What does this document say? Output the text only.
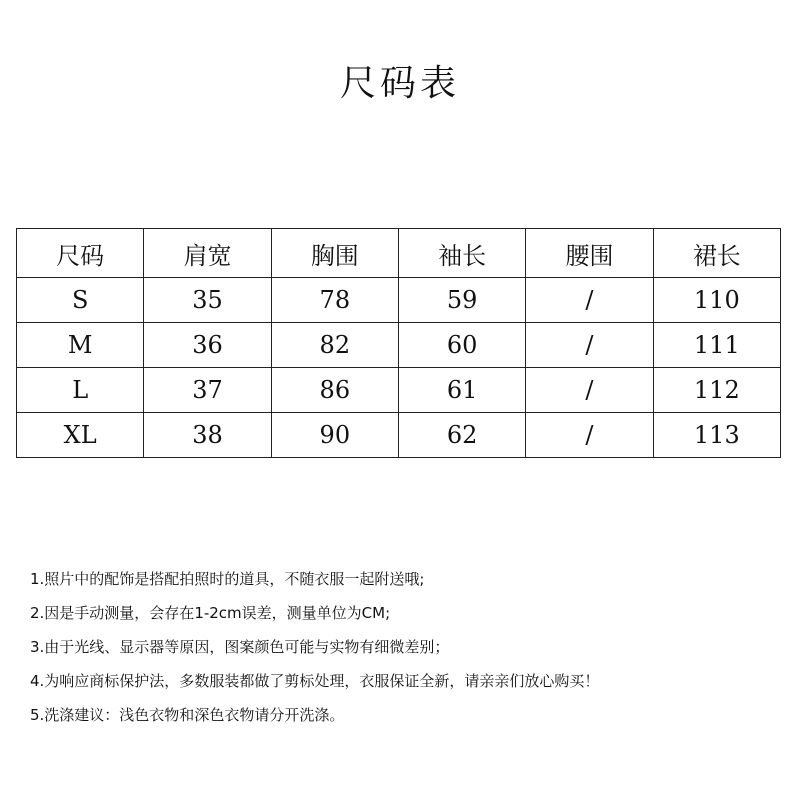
尺码表
尺码	肩宽	胸围	袖长	腰围	裙长
S	35	78	59	/	110
M	36	82	60	/	111
L	37	86	61	/	112
XL	38	90	62	/	113
1.照片中的配饰是搭配拍照时的道具，不随衣服一起附送哦;
2.因是手动测量，会存在1-2cm误差，测量单位为CM;
3.由于光线、显示器等原因，图案颜色可能与实物有细微差别；
4.为响应商标保护法，多数服装都做了剪标处理，衣服保证全新，请亲亲们放心购买！
5.洗涤建议：浅色衣物和深色衣物请分开洗涤。
